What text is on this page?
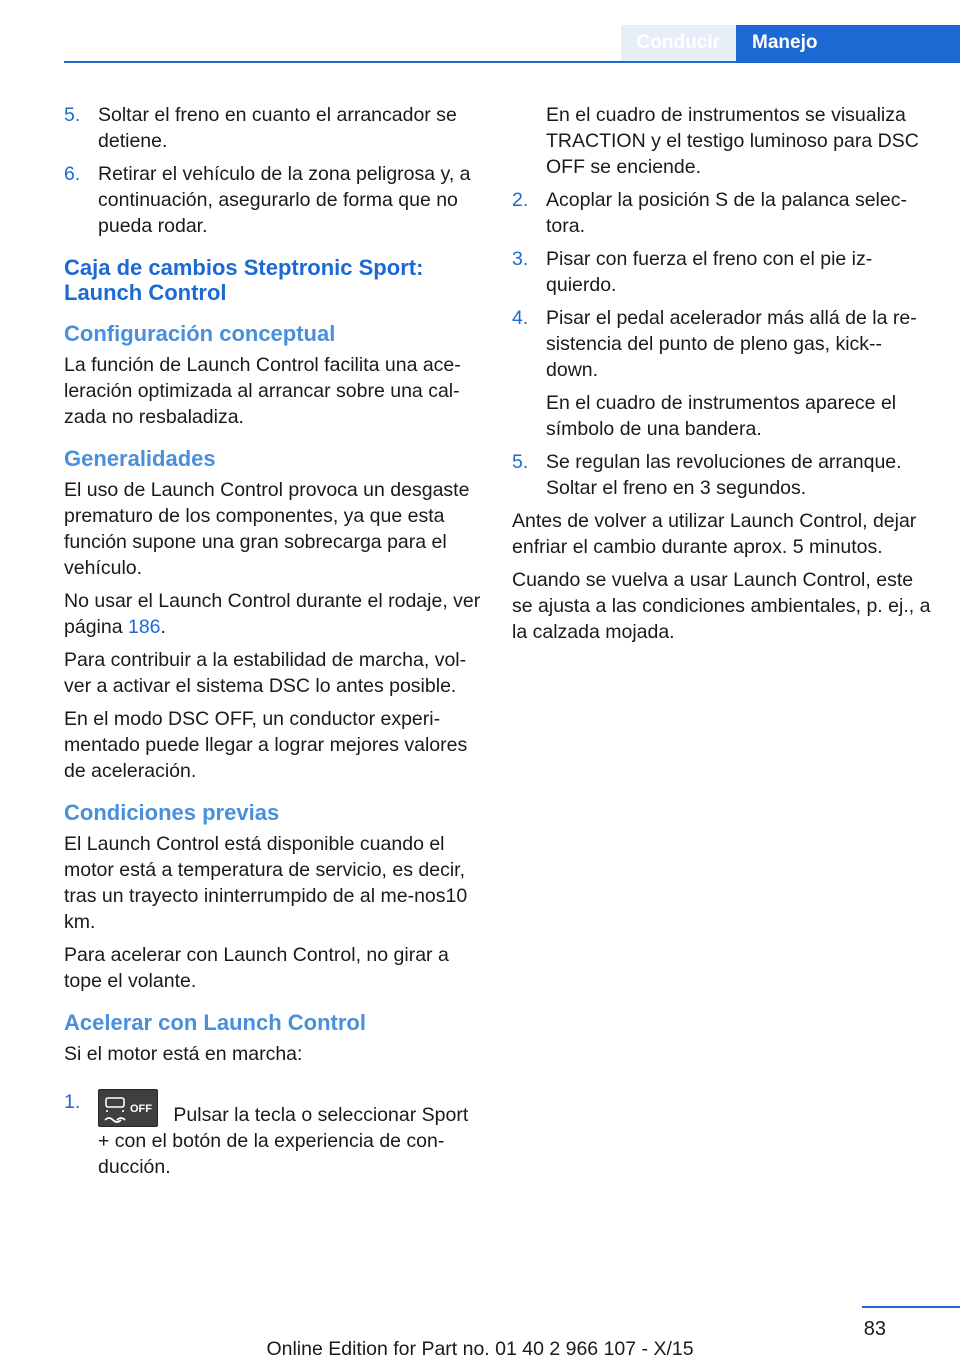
Conducir	Manejo
5. Soltar el freno en cuanto el arrancador se detiene.
6. Retirar el vehículo de la zona peligrosa y, a continuación, asegurarlo de forma que no pueda rodar.
Caja de cambios Steptronic Sport: Launch Control
Configuración conceptual

La función de Launch Control facilita una ace-leración optimizada al arrancar sobre una cal-zada no resbaladiza.

Generalidades

El uso de Launch Control provoca un desgaste prematuro de los componentes, ya que esta función supone una gran sobrecarga para el vehículo.

No usar el Launch Control durante el rodaje, ver página 186.

Para contribuir a la estabilidad de marcha, vol-ver a activar el sistema DSC lo antes posible.

En el modo DSC OFF, un conductor experi-mentado puede llegar a lograr mejores valores de aceleración.

Condiciones previas

El Launch Control está disponible cuando el motor está a temperatura de servicio, es decir, tras un trayecto ininterrumpido de al me-nos10 km.

Para acelerar con Launch Control, no girar a tope el volante.

Acelerar con Launch Control

Si el motor está en marcha:

1.	OFF Pulsar la tecla o seleccionar Sport + con el botón de la experiencia de con-ducción.
En el cuadro de instrumentos se visualiza TRACTION y el testigo luminoso para DSC OFF se enciende.
2. Acoplar la posición S de la palanca selec-tora.
3. Pisar con fuerza el freno con el pie iz-quierdo.
4. Pisar el pedal acelerador más allá de la re-sistencia del punto de pleno gas, kick--down.
En el cuadro de instrumentos aparece el símbolo de una bandera.
5. Se regulan las revoluciones de arranque. Soltar el freno en 3 segundos.

Antes de volver a utilizar Launch Control, dejar enfriar el cambio durante aprox. 5 minutos.

Cuando se vuelva a usar Launch Control, este se ajusta a las condiciones ambientales, p. ej., a la calzada mojada.

83
Online Edition for Part no. 01 40 2 966 107 - X/15
